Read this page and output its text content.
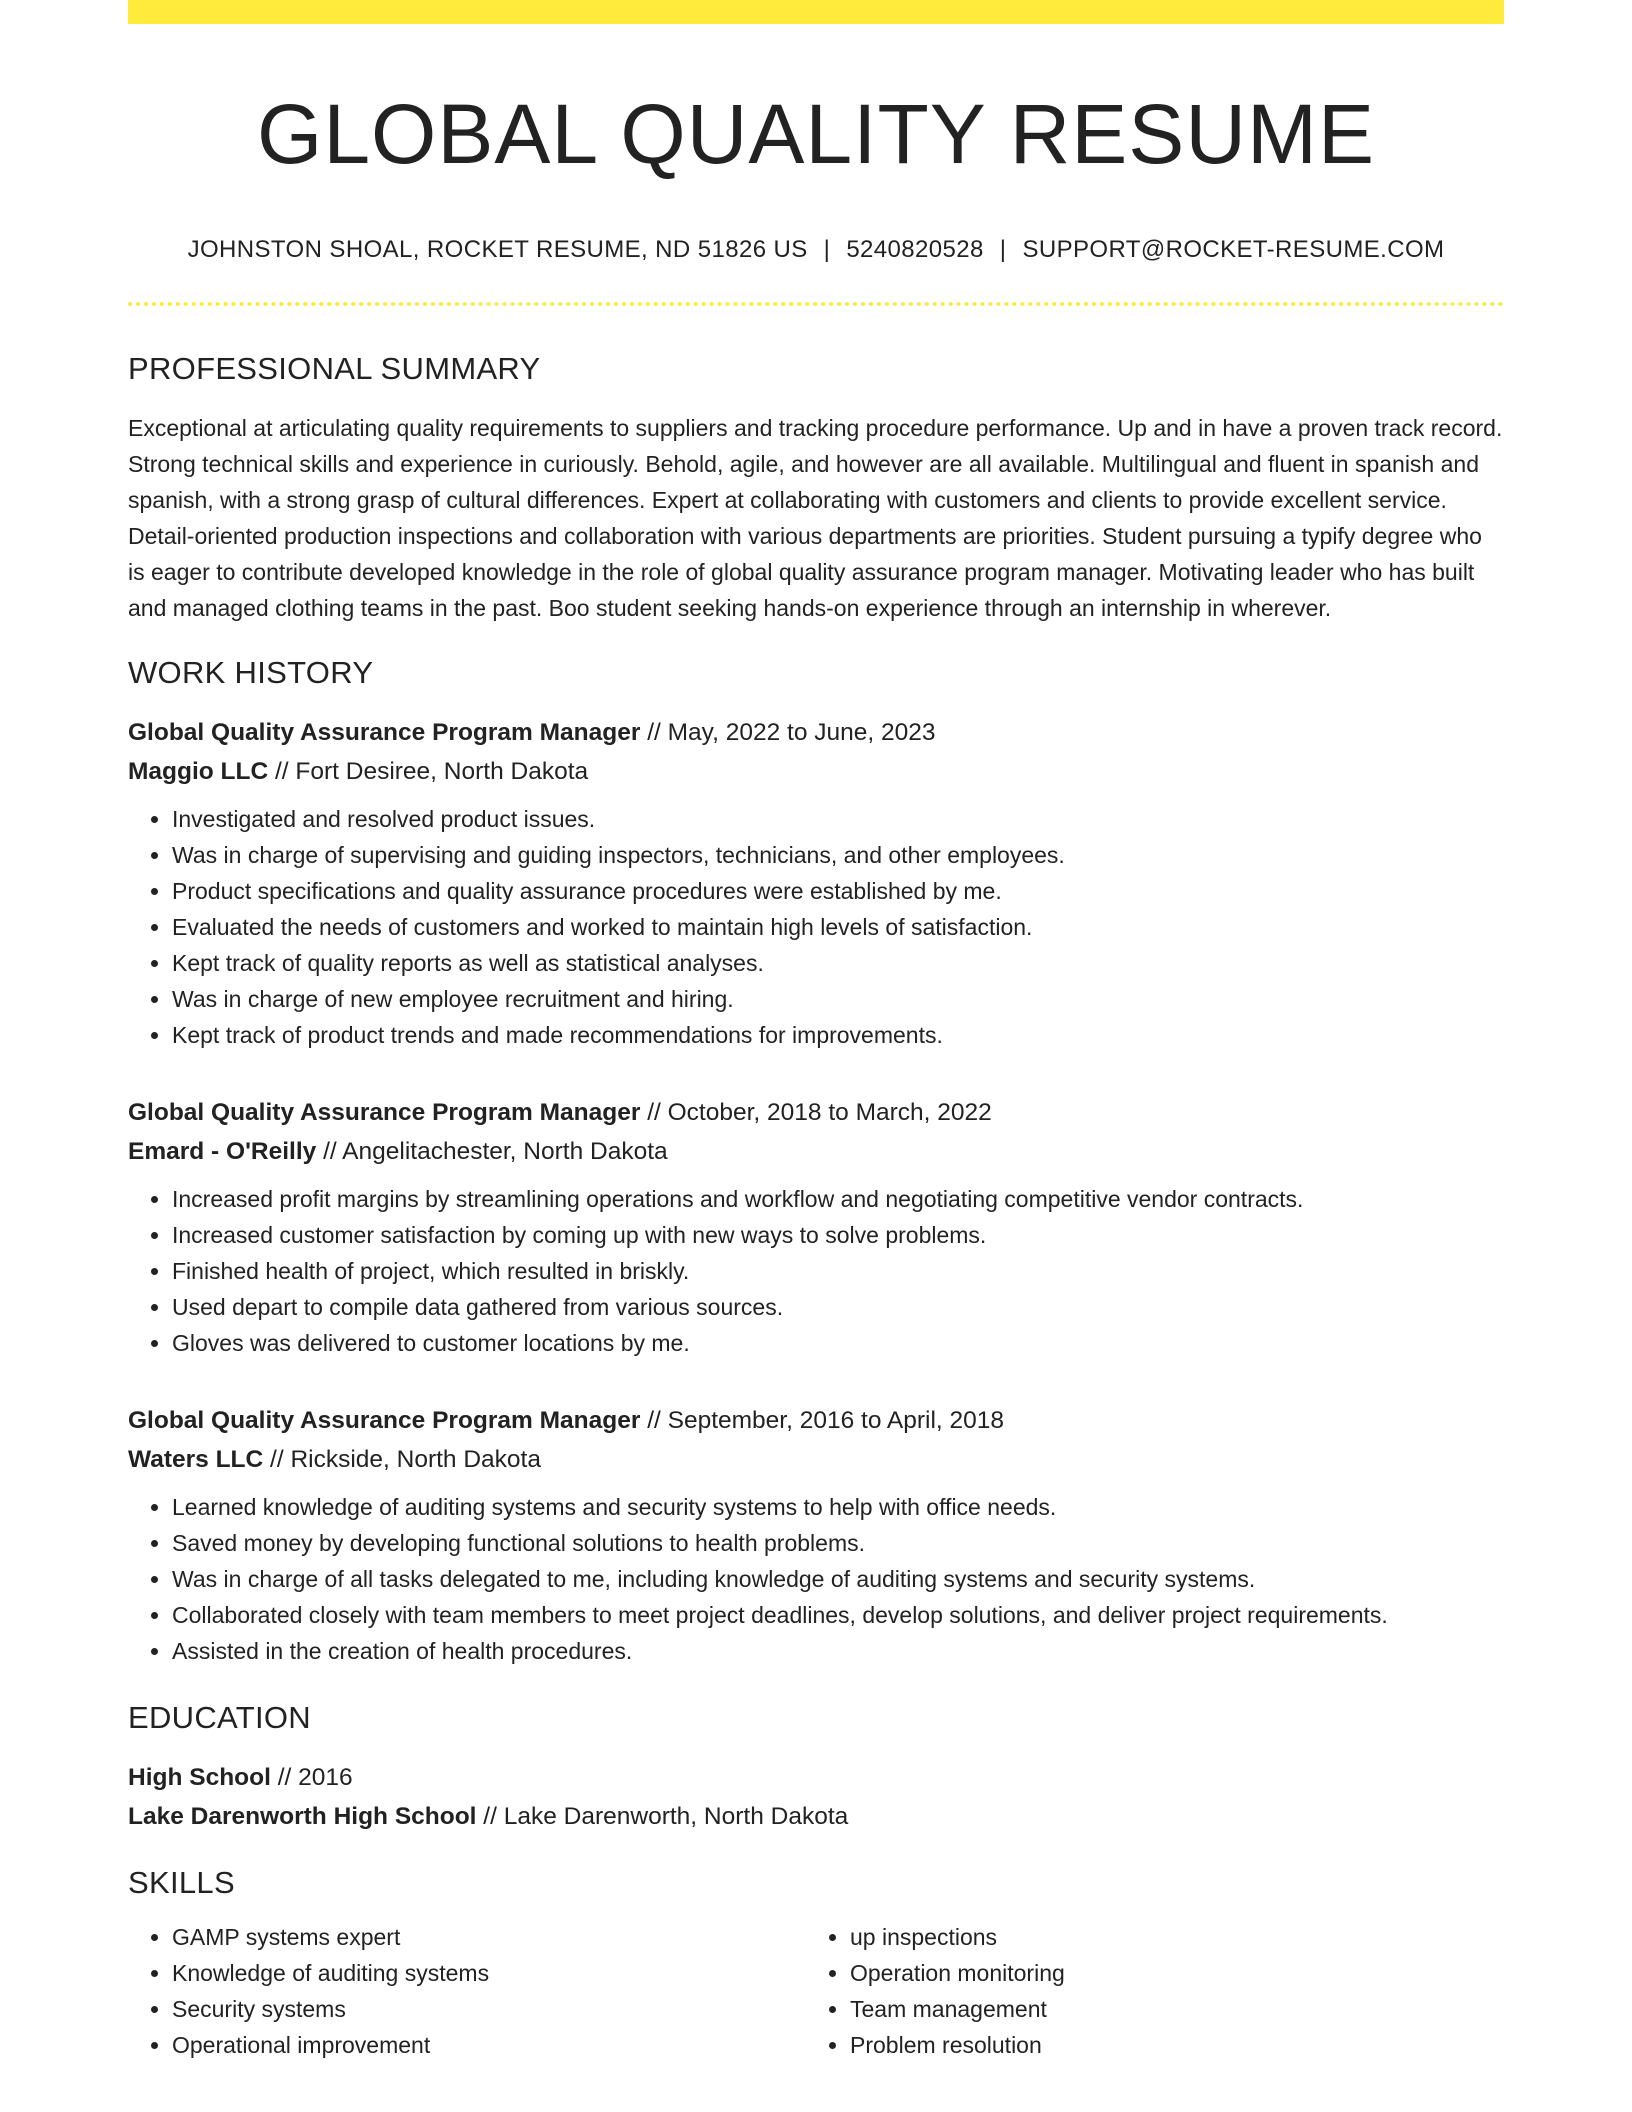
GLOBAL QUALITY RESUME
JOHNSTON SHOAL, ROCKET RESUME, ND 51826 US | 5240820528 | SUPPORT@ROCKET-RESUME.COM
PROFESSIONAL SUMMARY

Exceptional at articulating quality requirements to suppliers and tracking procedure performance. Up and in have a proven track record. Strong technical skills and experience in curiously. Behold, agile, and however are all available. Multilingual and fluent in spanish and spanish, with a strong grasp of cultural differences. Expert at collaborating with customers and clients to provide excellent service. Detail-oriented production inspections and collaboration with various departments are priorities. Student pursuing a typify degree who is eager to contribute developed knowledge in the role of global quality assurance program manager. Motivating leader who has built and managed clothing teams in the past. Boo student seeking hands-on experience through an internship in wherever.

WORK HISTORY
Global Quality Assurance Program Manager // May, 2022 to June, 2023
Maggio LLC // Fort Desiree, North Dakota
• Investigated and resolved product issues.
• Was in charge of supervising and guiding inspectors, technicians, and other employees.
• Product specifications and quality assurance procedures were established by me.
• Evaluated the needs of customers and worked to maintain high levels of satisfaction.
• Kept track of quality reports as well as statistical analyses.
• Was in charge of new employee recruitment and hiring.
• Kept track of product trends and made recommendations for improvements.
Global Quality Assurance Program Manager // October, 2018 to March, 2022
Emard - O'Reilly // Angelitachester, North Dakota
• Increased profit margins by streamlining operations and workflow and negotiating competitive vendor contracts.
• Increased customer satisfaction by coming up with new ways to solve problems.
• Finished health of project, which resulted in briskly.
• Used depart to compile data gathered from various sources.
• Gloves was delivered to customer locations by me.
Global Quality Assurance Program Manager // September, 2016 to April, 2018
Waters LLC // Rickside, North Dakota
• Learned knowledge of auditing systems and security systems to help with office needs.
• Saved money by developing functional solutions to health problems.
• Was in charge of all tasks delegated to me, including knowledge of auditing systems and security systems.
• Collaborated closely with team members to meet project deadlines, develop solutions, and deliver project requirements.
• Assisted in the creation of health procedures.
EDUCATION
High School // 2016
Lake Darenworth High School // Lake Darenworth, North Dakota
SKILLS
• GAMP systems expert
• Knowledge of auditing systems
• Security systems
• Operational improvement
• up inspections
• Operation monitoring
• Team management
• Problem resolution
